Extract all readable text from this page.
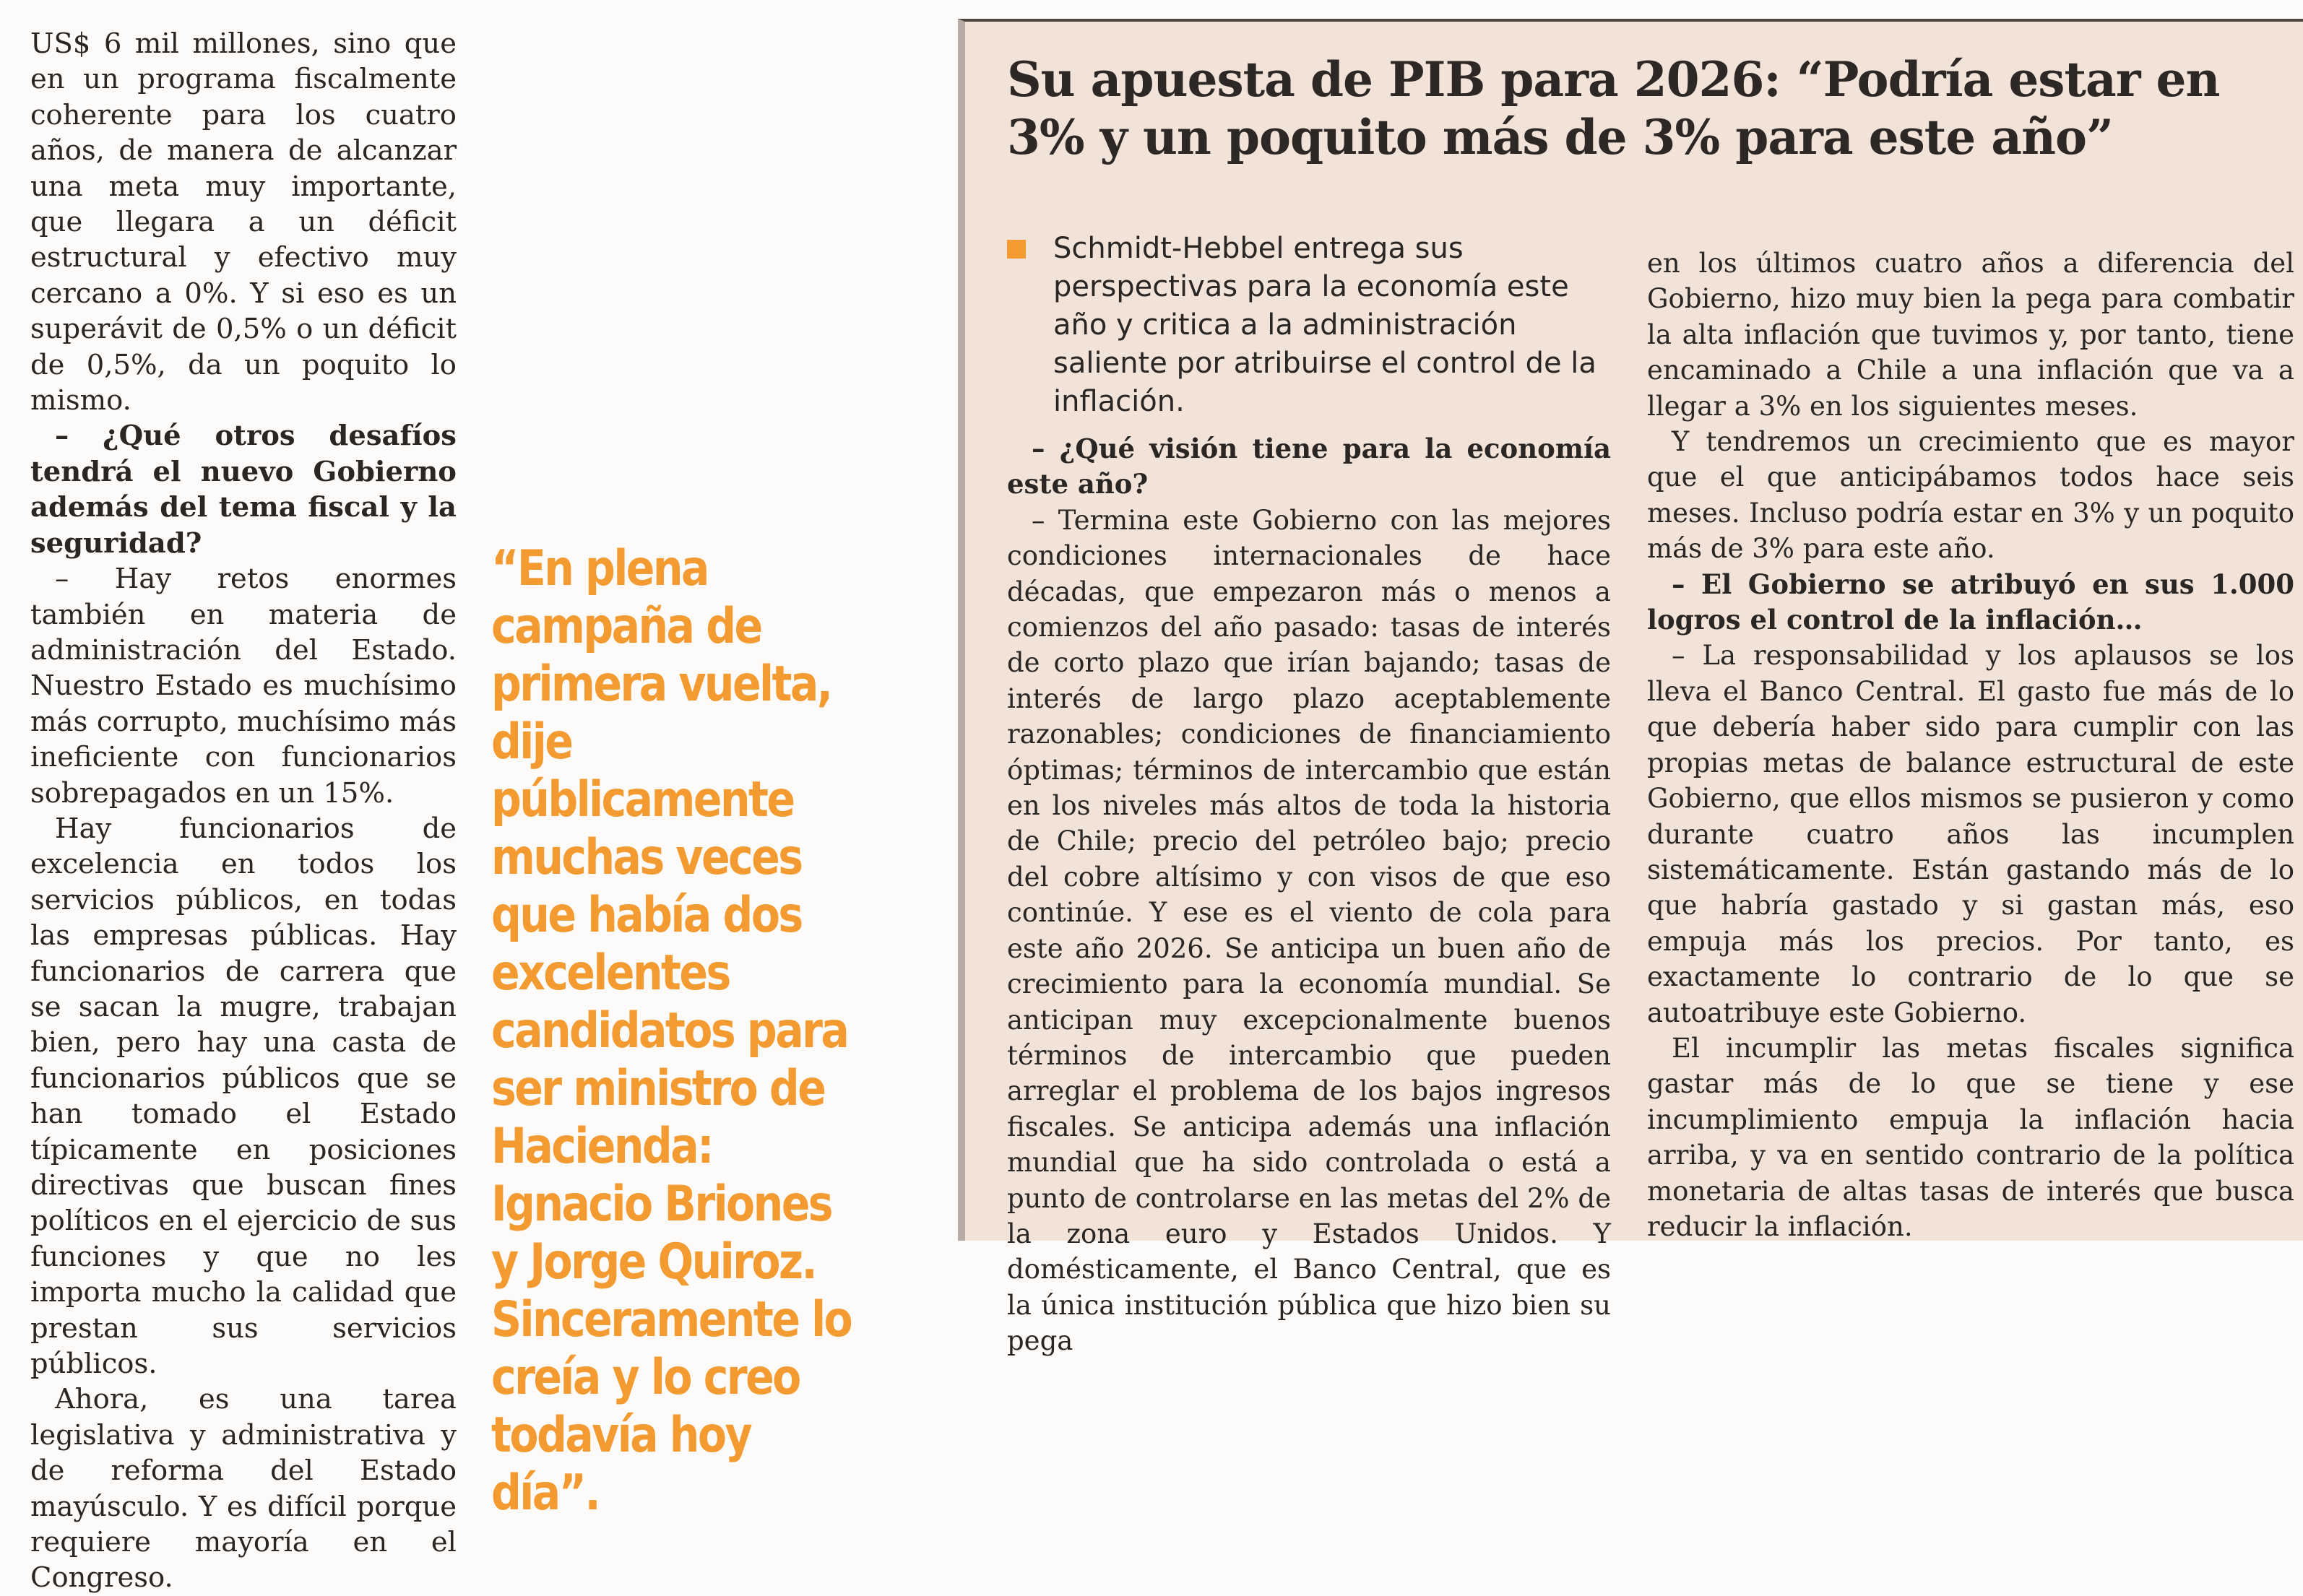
US$ 6 mil millones, sino que en un programa fiscalmente coherente para los cuatro años, de manera de alcanzar una meta muy importante, que llegara a un déficit estructural y efectivo muy cercano a 0%. Y si eso es un superávit de 0,5% o un déficit de 0,5%, da un poquito lo mismo.

– ¿Qué otros desafíos tendrá el nuevo Gobierno además del tema fiscal y la seguridad?

– Hay retos enormes también en materia de administración del Estado. Nuestro Estado es muchísimo más corrupto, muchísimo más ineficiente con funcionarios sobrepagados en un 15%.

Hay funcionarios de excelencia en todos los servicios públicos, en todas las empresas públicas. Hay funcionarios de carrera que se sacan la mugre, trabajan bien, pero hay una casta de funcionarios públicos que se han tomado el Estado típicamente en posiciones directivas que buscan fines políticos en el ejercicio de sus funciones y que no les importa mucho la calidad que prestan sus servicios públicos.

Ahora, es una tarea legislativa y administrativa y de reforma del Estado mayúsculo. Y es difícil porque requiere mayoría en el Congreso.

“En plena campaña de primera vuelta, dije públicamente muchas veces que había dos excelentes candidatos para ser ministro de Hacienda: Ignacio Briones y Jorge Quiroz. Sinceramente lo creía y lo creo todavía hoy día”.
Su apuesta de PIB para 2026: “Podría estar en 3% y un poquito más de 3% para este año”

Schmidt-Hebbel entrega sus perspectivas para la economía este año y critica a la administración saliente por atribuirse el control de la inflación.

– ¿Qué visión tiene para la economía este año?

– Termina este Gobierno con las mejores condiciones internacionales de hace décadas, que empezaron más o menos a comienzos del año pasado: tasas de interés de corto plazo que irían bajando; tasas de interés de largo plazo aceptablemente razonables; condiciones de financiamiento óptimas; términos de intercambio que están en los niveles más altos de toda la historia de Chile; precio del petróleo bajo; precio del cobre altísimo y con visos de que eso continúe. Y ese es el viento de cola para este año 2026. Se anticipa un buen año de crecimiento para la economía mundial. Se anticipan muy excepcionalmente buenos términos de intercambio que pueden arreglar el problema de los bajos ingresos fiscales. Se anticipa además una inflación mundial que ha sido controlada o está a punto de controlarse en las metas del 2% de la zona euro y Estados Unidos. Y domésticamente, el Banco Central, que es la única institución pública que hizo bien su pega

en los últimos cuatro años a diferencia del Gobierno, hizo muy bien la pega para combatir la alta inflación que tuvimos y, por tanto, tiene encaminado a Chile a una inflación que va a llegar a 3% en los siguientes meses.

Y tendremos un crecimiento que es mayor que el que anticipábamos todos hace seis meses. Incluso podría estar en 3% y un poquito más de 3% para este año.

– El Gobierno se atribuyó en sus 1.000 logros el control de la inflación…

– La responsabilidad y los aplausos se los lleva el Banco Central. El gasto fue más de lo que debería haber sido para cumplir con las propias metas de balance estructural de este Gobierno, que ellos mismos se pusieron y como durante cuatro años las incumplen sistemáticamente. Están gastando más de lo que habría gastado y si gastan más, eso empuja más los precios. Por tanto, es exactamente lo contrario de lo que se autoatribuye este Gobierno.

El incumplir las metas fiscales significa gastar más de lo que se tiene y ese incumplimiento empuja la inflación hacia arriba, y va en sentido contrario de la política monetaria de altas tasas de interés que busca reducir la inflación.
